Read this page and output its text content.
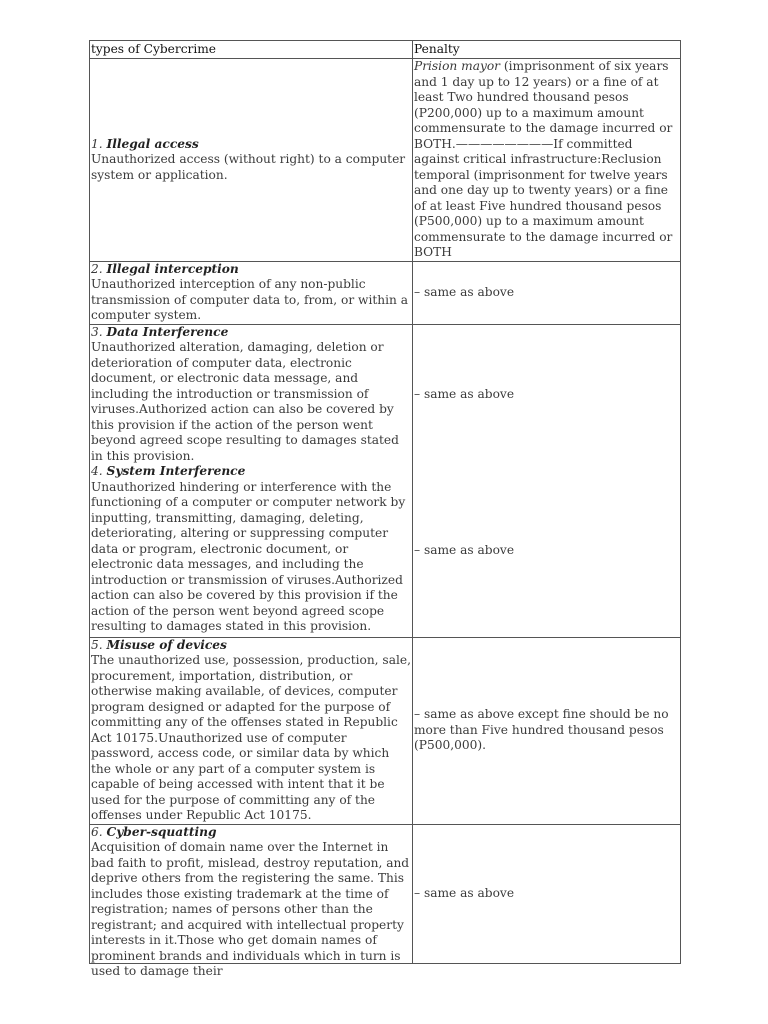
types of Cybercrime	Penalty
1. Illegal access
Unauthorized access (without right) to a computer system or application.	Prision mayor (imprisonment of six years and 1 day up to 12 years) or a fine of at least Two hundred thousand pesos (P200,000) up to a maximum amount commensurate to the damage incurred or BOTH.————————If committed against critical infrastructure:Reclusion temporal (imprisonment for twelve years and one day up to twenty years) or a fine of at least Five hundred thousand pesos (P500,000) up to a maximum amount commensurate to the damage incurred or BOTH
2. Illegal interception
Unauthorized interception of any non-public transmission of computer data to, from, or within a computer system.	– same as above
3. Data Interference
Unauthorized alteration, damaging, deletion or deterioration of computer data, electronic document, or electronic data message, and including the introduction or transmission of viruses.Authorized action can also be covered by this provision if the action of the person went beyond agreed scope resulting to damages stated in this provision.	– same as above
4. System Interference
Unauthorized hindering or interference with the functioning of a computer or computer network by inputting, transmitting, damaging, deleting, deteriorating, altering or suppressing computer data or program, electronic document, or electronic data messages, and including the introduction or transmission of viruses.Authorized action can also be covered by this provision if the action of the person went beyond agreed scope resulting to damages stated in this provision.	– same as above
5. Misuse of devices
The unauthorized use, possession, production, sale, procurement, importation, distribution, or otherwise making available, of devices, computer program designed or adapted for the purpose of committing any of the offenses stated in Republic Act 10175.Unauthorized use of computer password, access code, or similar data by which the whole or any part of a computer system is capable of being accessed with intent that it be used for the purpose of committing any of the offenses under Republic Act 10175.	– same as above except fine should be no more than Five hundred thousand pesos (P500,000).

6. Cyber-squatting
Acquisition of domain name over the Internet in bad faith to profit, mislead, destroy reputation, and deprive others from the registering the same. This includes those existing trademark at the time of registration; names of persons other than the registrant; and acquired with intellectual property interests in it.Those who get domain names of prominent brands and individuals which in turn is used to damage their	– same as above
